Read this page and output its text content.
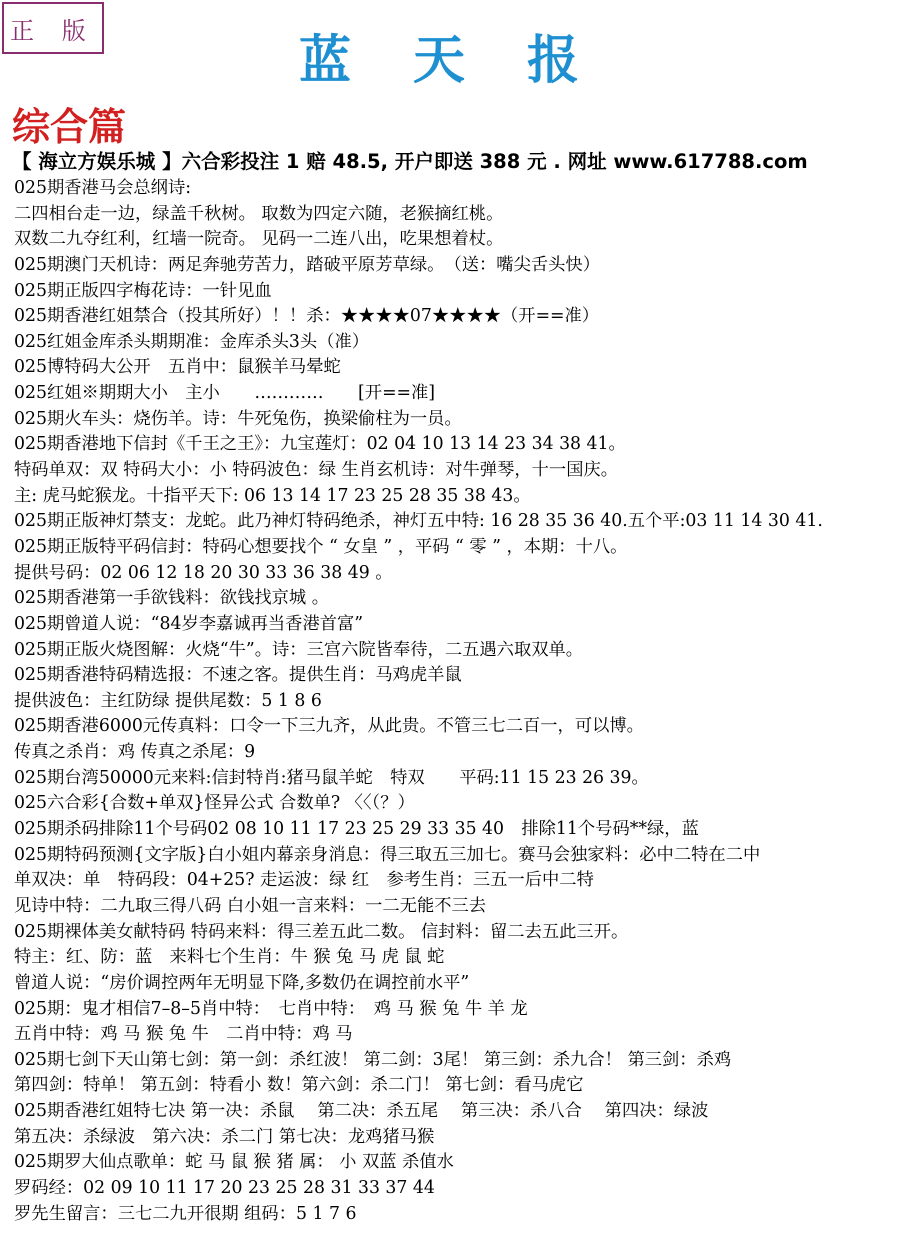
正 版	蓝天报
综合篇
【 海立方娱乐城 】六合彩投注 1 赔 48.5, 开户即送 388 元 . 网址 www.617788.com
025期香港马会总纲诗:
二四相台走一边，绿盖千秋树。 取数为四定六随，老猴摘红桃。
双数二九夺红利，红墙一院奇。 见码一二连八出，吃果想着杖。
025期澳门天机诗：两足奔驰劳苦力，踏破平原芳草绿。　（送：嘴尖舌头快）
025期正版四字梅花诗：一针见血
025期香港红姐禁合（投其所好）！！杀：★★★★07★★★★（开==准）
025红姐金库杀头期期准：金库杀头3头（准）
025博特码大公开　五肖中：鼠猴羊马晕蛇
025红姐※期期大小　主小　　…………　　[开==准]
025期火车头：烧伤羊。诗：牛死兔伤，换梁偷柱为一员。
025期香港地下信封《千王之王》：九宝莲灯：02 04 10 13 14 23 34 38 41。
特码单双：双 特码大小：小 特码波色：绿 生肖玄机诗：对牛弹琴，十一国庆。
主: 虎马蛇猴龙。十指平天下: 06 13 14 17 23 25 28 35 38 43。
025期正版神灯禁支：龙蛇。此乃神灯特码绝杀，神灯五中特: 16 28 35 36 40.五个平:03 11 14 30 41.
025期正版特平码信封：特码心想要找个 “ 女皇 ” ，平码 “ 零 ” ，本期：十八。
提供号码：02 06 12 18 20 30 33 36 38 49 。
025期香港第一手欲钱料：欲钱找京城 。
025期曾道人说：“84岁李嘉诚再当香港首富”
025期正版火烧图解：火烧“牛”。诗：三宫六院皆奉待，二五遇六取双单。
025期香港特码精选报：不速之客。提供生肖：马鸡虎羊鼠
提供波色：主红防绿 提供尾数：5 1 8 6
025期香港6000元传真料：口令一下三九齐，从此贵。不管三七二百一，可以博。
传真之杀肖：鸡 传真之杀尾：9
025期台湾50000元来料:信封特肖:猪马鼠羊蛇　特双　　平码:11 15 23 26 39。
025六合彩{合数+单双}怪异公式 合数单? 〈〈（？）
025期杀码排除11个号码02 08 10 11 17 23 25 29 33 35 40　排除11个号码**绿，蓝
025期特码预测{文字版}白小姐内幕亲身消息：得三取五三加七。赛马会独家料：必中二特在二中
单双决：单　特码段：04+25? 走运波：绿 红　参考生肖：三五一后中二特
见诗中特：二九取三得八码 白小姐一言来料：一二无能不三去
025期裸体美女献特码 特码来料：得三差五此二数。 信封料：留二去五此三开。
特主：红、防：蓝　来料七个生肖：牛 猴 兔 马 虎 鼠 蛇
曾道人说：“房价调控两年无明显下降,多数仍在调控前水平”
025期：鬼才相信7–8–5肖中特：　七肖中特：　鸡 马 猴 兔 牛 羊 龙
五肖中特：鸡 马 猴 兔 牛　二肖中特：鸡 马
025期七剑下天山第七剑：第一剑：杀红波！ 第二剑：3尾！ 第三剑：杀九合！ 第三剑：杀鸡
第四剑：特单！ 第五剑：特看小 数！第六剑：杀二门！ 第七剑：看马虎它
025期香港红姐特七决 第一决：杀鼠　 第二决：杀五尾　 第三决：杀八合　 第四决：绿波
第五决：杀绿波　第六决：杀二门 第七决：龙鸡猪马猴
025期罗大仙点歌单：蛇 马 鼠 猴 猪 属： 小 双蓝 杀值水
罗码经：02 09 10 11 17 20 23 25 28 31 33 37 44
罗先生留言：三七二九开很期 组码：5 1 7 6
